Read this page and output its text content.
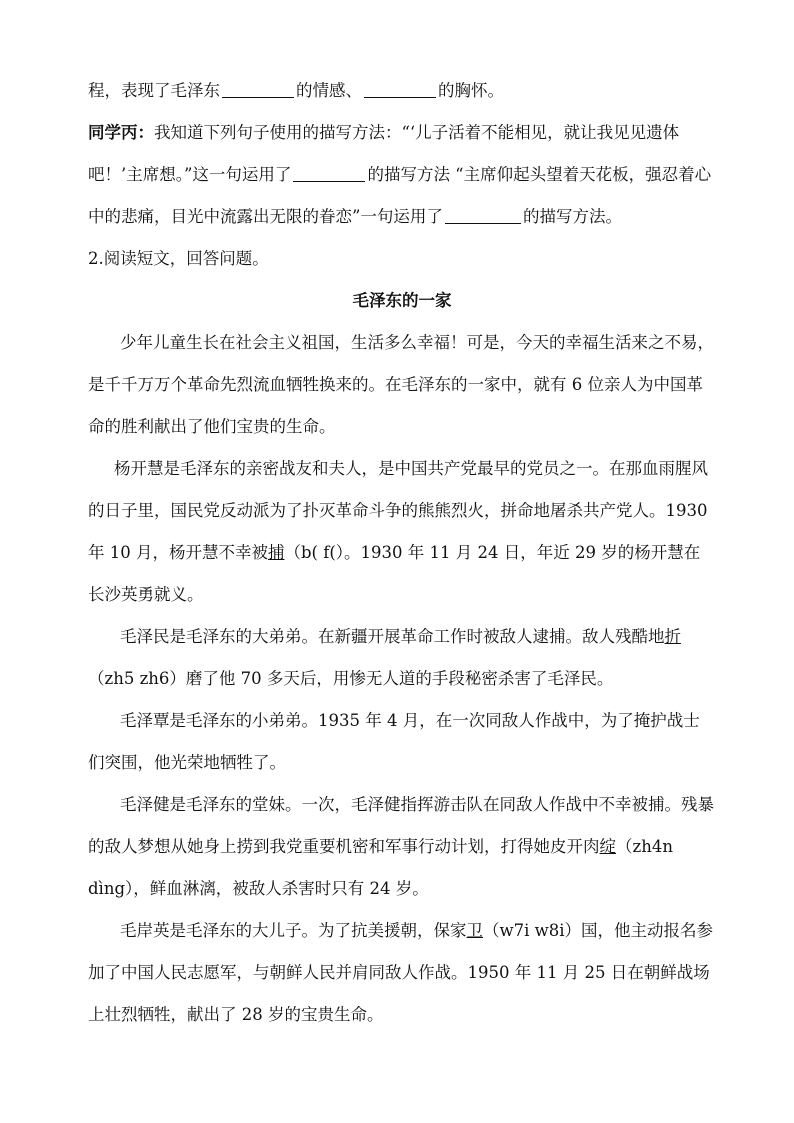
程，表现了毛泽东	的情感、	的胸怀。

同学丙：我知道下列句子使用的描写方法：“‘儿子活着不能相见，就让我见见遗体吧！’主席想。”这一句运用了	的描写方法 “主席仰起头望着天花板，强忍着心中的悲痛，目光中流露出无限的眷恋”一句运用了	的描写方法。

2.阅读短文，回答问题。

毛泽东的一家

少年儿童生长在社会主义祖国，生活多么幸福！可是，今天的幸福生活来之不易，是千千万万个革命先烈流血牺牲换来的。在毛泽东的一家中，就有 6 位亲人为中国革命的胜利献出了他们宝贵的生命。

杨开慧是毛泽东的亲密战友和夫人，是中国共产党最早的党员之一。在那血雨腥风的日子里，国民党反动派为了扑灭革命斗争的熊熊烈火，拼命地屠杀共产党人。1930 年 10 月，杨开慧不幸被捕（b( f(）。1930 年 11 月 24 日，年近 29 岁的杨开慧在长沙英勇就义。

毛泽民是毛泽东的大弟弟。在新疆开展革命工作时被敌人逮捕。敌人残酷地折（zh5 zh6）磨了他 70 多天后，用惨无人道的手段秘密杀害了毛泽民。

毛泽覃是毛泽东的小弟弟。1935 年 4 月，在一次同敌人作战中，为了掩护战士们突围，他光荣地牺牲了。

毛泽健是毛泽东的堂妹。一次，毛泽健指挥游击队在同敌人作战中不幸被捕。残暴的敌人梦想从她身上捞到我党重要机密和军事行动计划，打得她皮开肉绽（zh4n dìng），鲜血淋漓，被敌人杀害时只有 24 岁。

毛岸英是毛泽东的大儿子。为了抗美援朝，保家卫（w7i w8i）国，他主动报名参加了中国人民志愿军，与朝鲜人民并肩同敌人作战。1950 年 11 月 25 日在朝鲜战场上壮烈牺牲，献出了 28 岁的宝贵生命。
